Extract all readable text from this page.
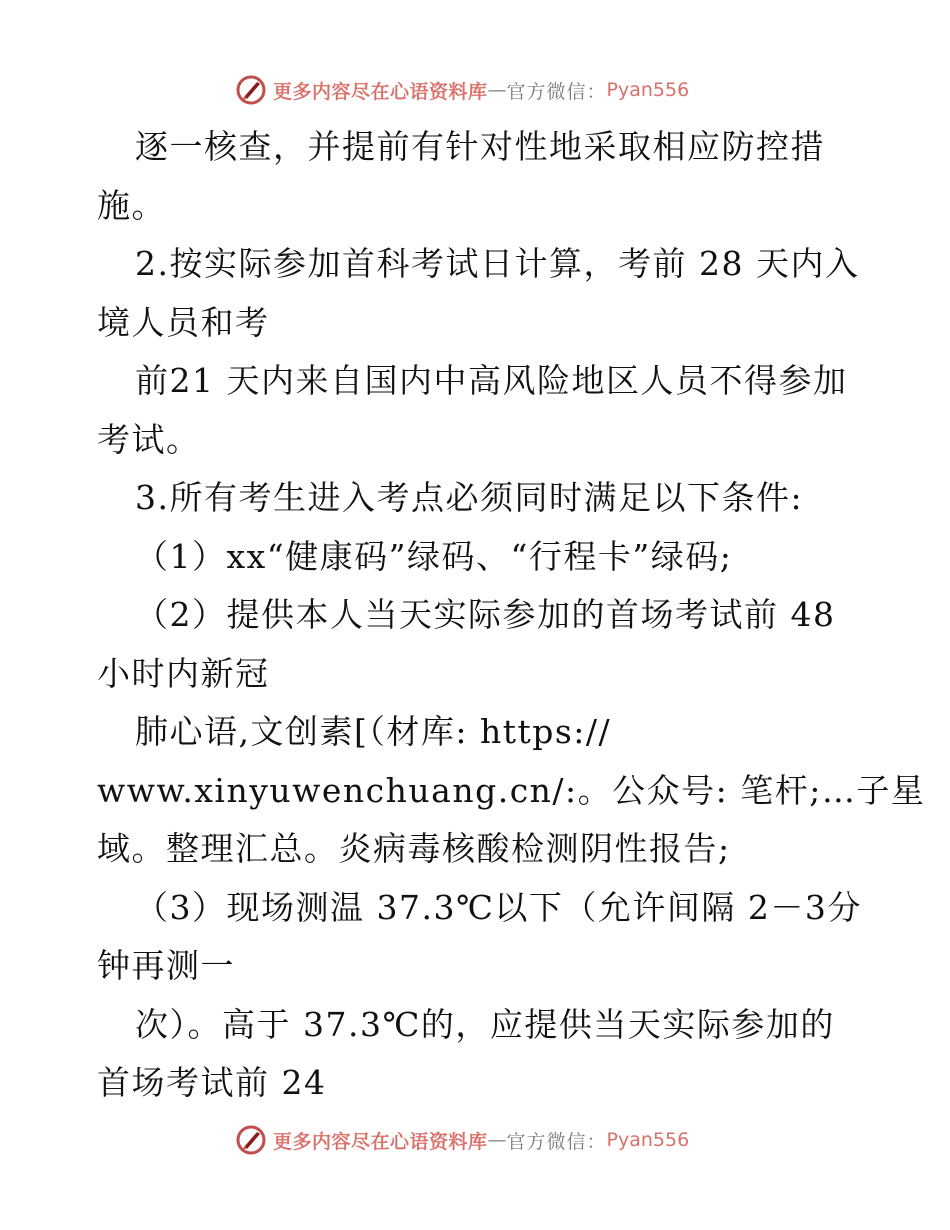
更多内容尽在心语资料库 — 官方微信： Pyan556
逐一核查，并提前有针对性地采取相应防控措
施。
2.按实际参加首科考试日计算，考前 28 天内入
境人员和考
前21 天内来自国内中高风险地区人员不得参加
考试。
3.所有考生进入考点必须同时满足以下条件:
（1）xx“健康码”绿码、“行程卡”绿码;
（2）提供本人当天实际参加的首场考试前 48
小时内新冠
肺心语,文创素[（材库: https://
www.xinyuwenchuang.cn/:。公众号: 笔杆;…子星
域。整理汇总。炎病毒核酸检测阴性报告;
（3）现场测温 37.3℃以下（允许间隔 2－3分
钟再测一
次）。高于 37.3℃的，应提供当天实际参加的
首场考试前 24
更多内容尽在心语资料库 — 官方微信： Pyan556
